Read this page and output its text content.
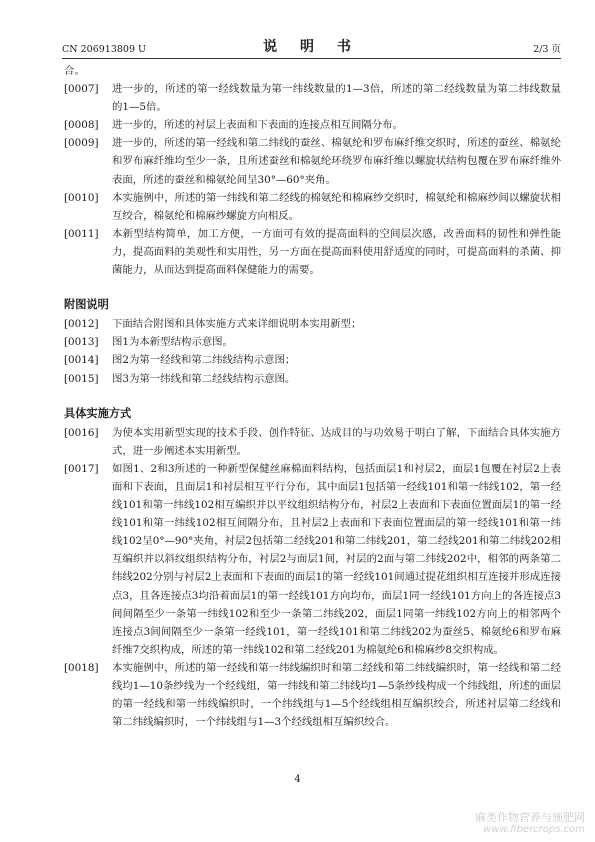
CN 206913809 U	说 明 书	2/3 页

合。

[0007] 进一步的，所述的第一经线数量为第一纬线数量的1—3倍，所述的第二经线数量为第二纬线数量的1—5倍。

[0008] 进一步的，所述的衬层上表面和下表面的连接点相互间隔分布。

[0009] 进一步的，所述的第一经线和第二纬线的蚕丝、棉氨纶和罗布麻纤维交织时，所述的蚕丝、棉氨纶和罗布麻纤维均至少一条，且所述蚕丝和棉氨纶环绕罗布麻纤维以螺旋状结构包覆在罗布麻纤维外表面，所述的蚕丝和棉氨纶间呈30°—60°夹角。

[0010] 本实施例中，所述的第一纬线和第二经线的棉氨纶和棉麻纱交织时，棉氨纶和棉麻纱间以螺旋状相互绞合，棉氨纶和棉麻纱螺旋方向相反。

[0011] 本新型结构简单，加工方便，一方面可有效的提高面料的空间层次感，改善面料的韧性和弹性能力，提高面料的美观性和实用性，另一方面在提高面料使用舒适度的同时，可提高面料的杀菌、抑菌能力，从而达到提高面料保健能力的需要。

附图说明

[0012] 下面结合附图和具体实施方式来详细说明本实用新型；

[0013] 图1为本新型结构示意图。

[0014] 图2为第一经线和第二纬线结构示意图；

[0015] 图3为第一纬线和第二经线结构示意图。

具体实施方式

[0016] 为使本实用新型实现的技术手段、创作特征、达成目的与功效易于明白了解，下面结合具体实施方式，进一步阐述本实用新型。

[0017] 如图1、2和3所述的一种新型保健丝麻棉面料结构，包括面层1和衬层2，面层1包覆在衬层2上表面和下表面，且面层1和衬层相互平行分布，其中面层1包括第一经线101和第一纬线102，第一经线101和第一纬线102相互编织并以平纹组织结构分布，衬层2上表面和下表面位置面层1的第一经线101和第一纬线102相互间隔分布，且衬层2上表面和下表面位置面层的第一经线101和第一纬线102呈0°—90°夹角，衬层2包括第二经线201和第二纬线201，第二经线201和第二纬线202相互编织并以斜纹组织结构分布，衬层2与面层1间，衬层的2面与第二纬线202中，相邻的两条第二纬线202分别与衬层2上表面和下表面的面层1的第一经线101间通过提花组织相互连接并形成连接点3，且各连接点3均沿着面层1的第一经线101方向均布，面层1同一经线101方向上的各连接点3间间隔至少一条第一纬线102和至少一条第二纬线202，面层1同第一纬线102方向上的相邻两个连接点3间间隔至少一条第一经线101，第一经线101和第二纬线202为蚕丝5、棉氨纶6和罗布麻纤维7交织构成，所述的第一纬线102和第二经线201为棉氨纶6和棉麻纱8交织构成。

[0018] 本实施例中，所述的第一经线和第一纬线编织时和第二经线和第二纬线编织时，第一经线和第二经线均1—10条纱线为一个经线组，第一纬线和第二纬线均1—5条纱线构成一个纬线组，所述的面层的第一经线和第一纬线编织时，一个纬线组与1—5个经线组相互编织绞合，所述衬层第二经线和第二纬线编织时，一个纬线组与1—3个经线组相互编织绞合。

4
麻类作物营养与施肥网
www.fibercrops.com
